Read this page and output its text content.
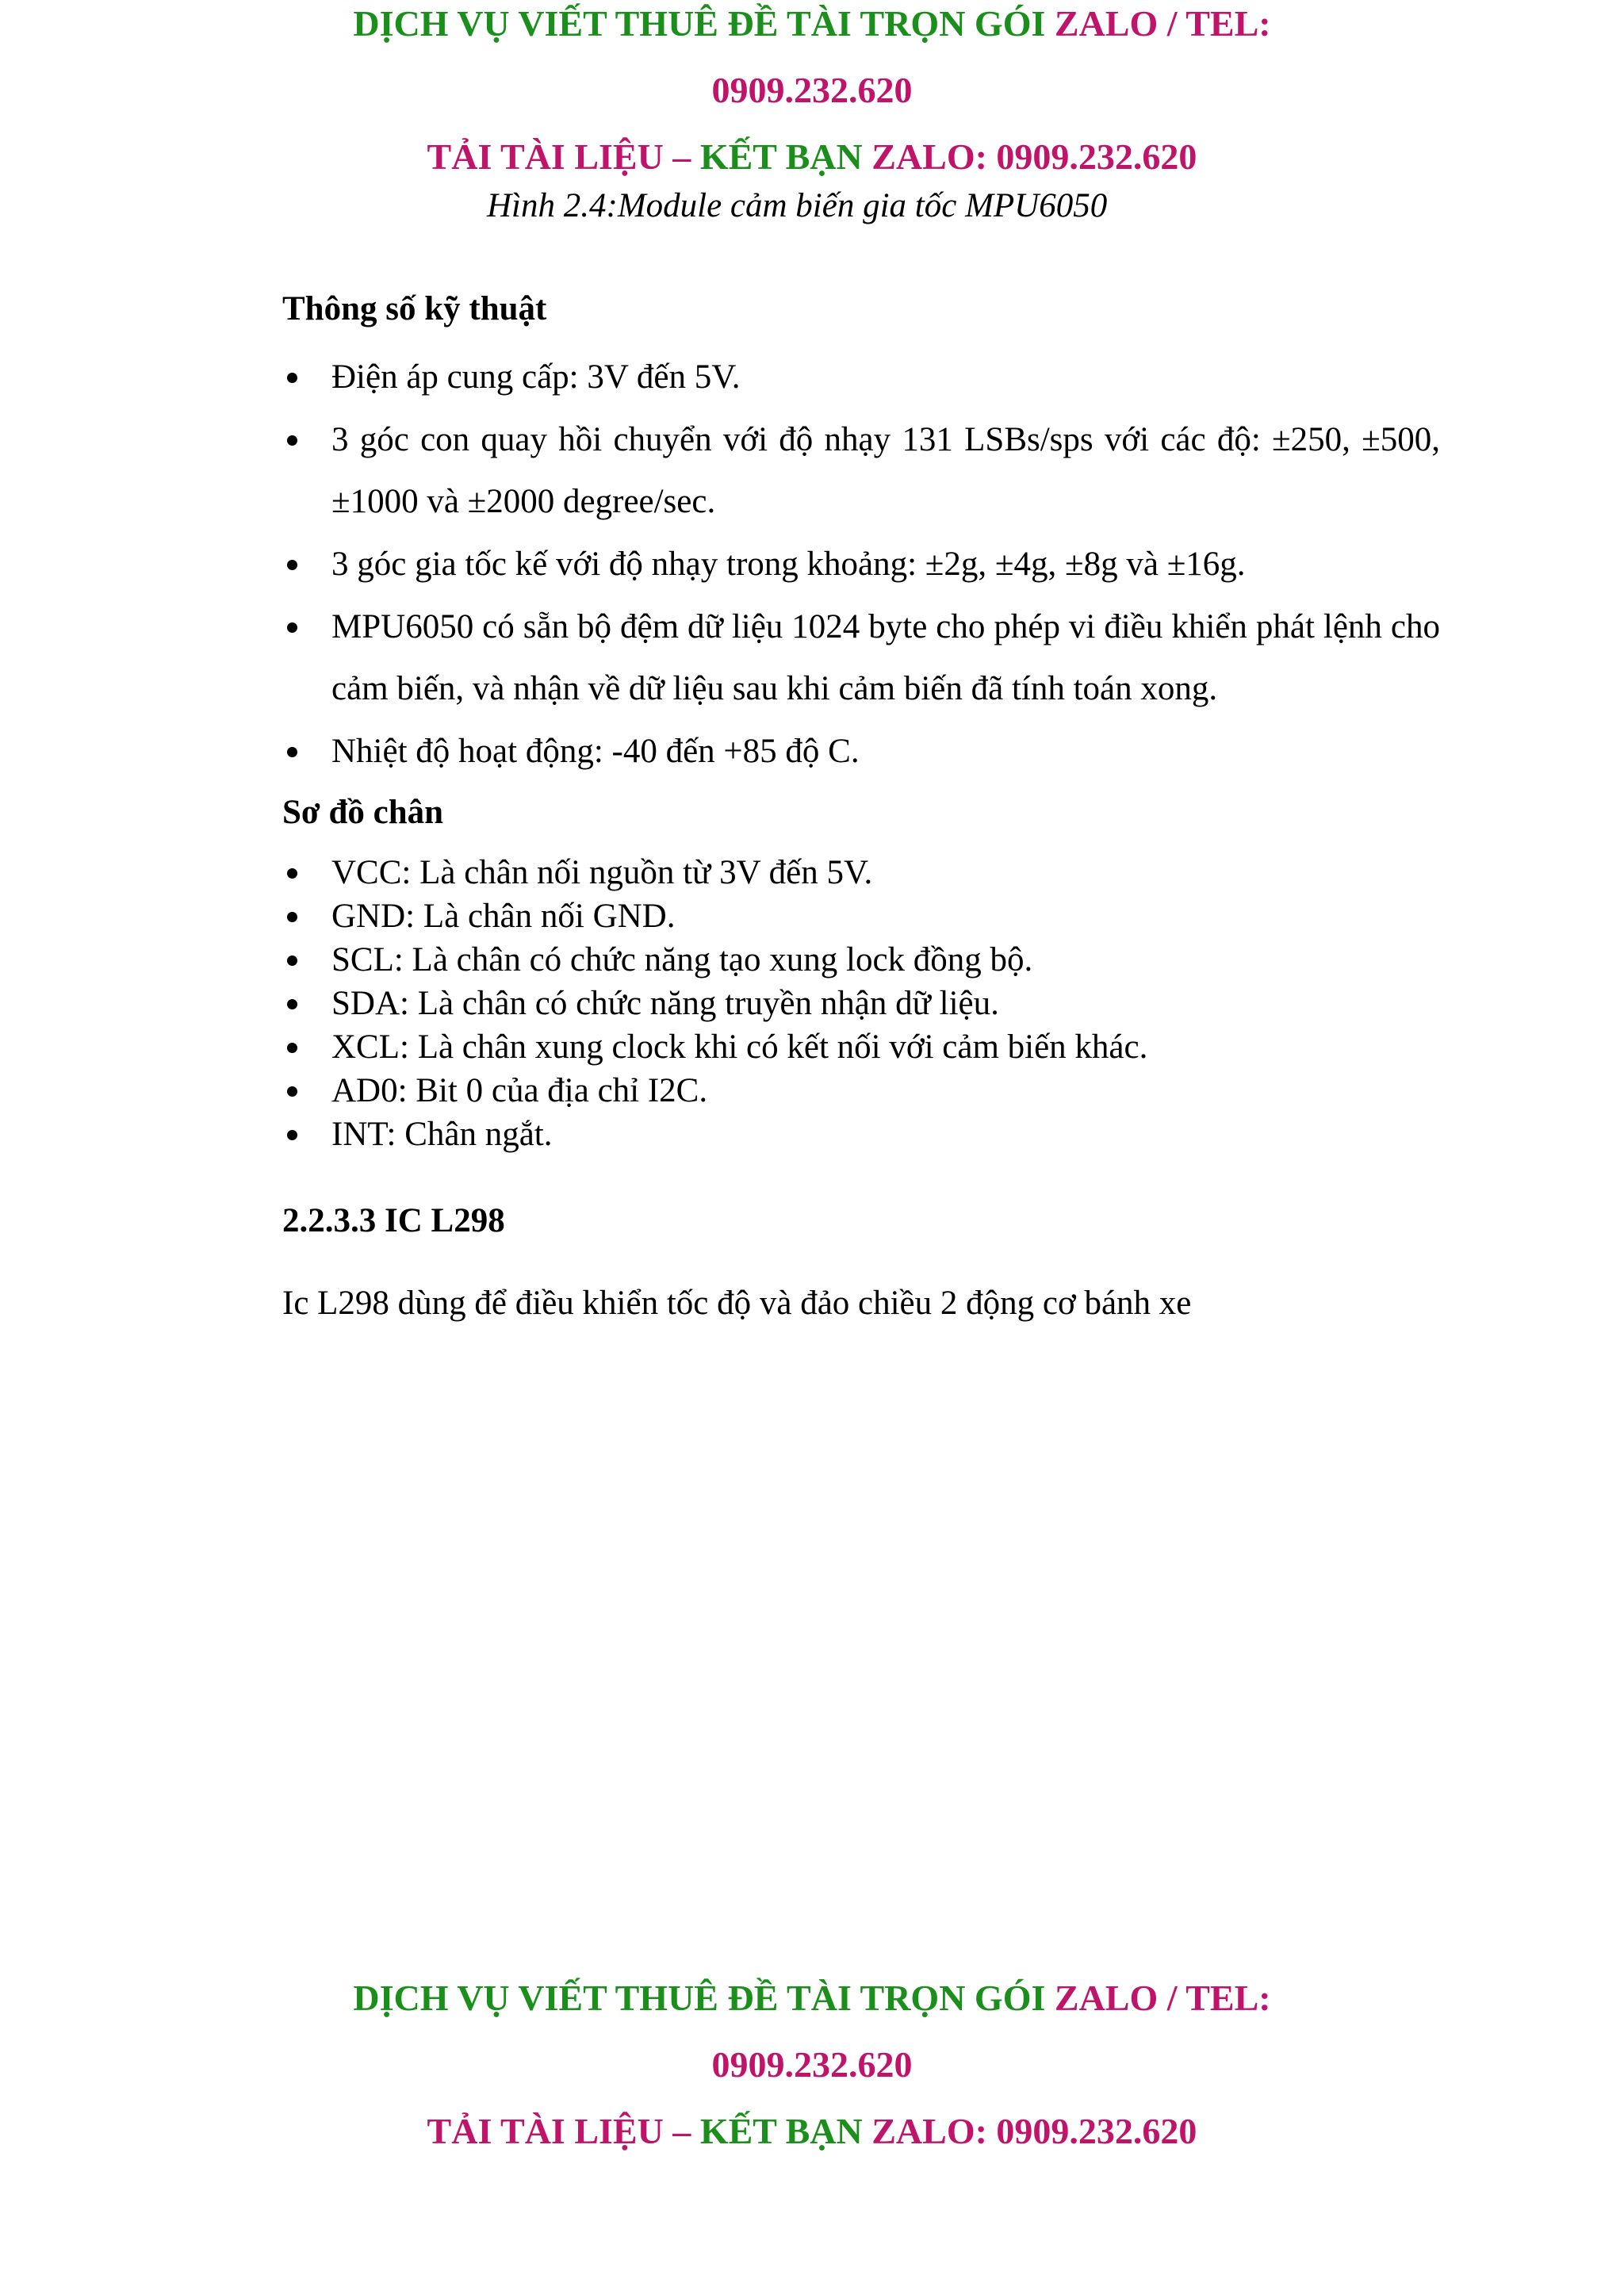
DỊCH VỤ VIẾT THUÊ ĐỀ TÀI TRỌN GÓI ZALO / TEL:
0909.232.620
TẢI TÀI LIỆU – KẾT BẠN ZALO: 0909.232.620
Hình 2.4:Module cảm biến gia tốc MPU6050
Thông số kỹ thuật
Điện áp cung cấp: 3V đến 5V.
3 góc con quay hồi chuyển với độ nhạy 131 LSBs/sps với các độ: ±250, ±500, ±1000 và ±2000 degree/sec.
3 góc gia tốc kế với độ nhạy trong khoảng: ±2g, ±4g, ±8g và ±16g.
MPU6050 có sẵn bộ đệm dữ liệu 1024 byte cho phép vi điều khiển phát lệnh cho cảm biến, và nhận về dữ liệu sau khi cảm biến đã tính toán xong.
Nhiệt độ hoạt động: -40 đến +85 độ C.
Sơ đồ chân
VCC: Là chân nối nguồn từ 3V đến 5V.
GND: Là chân nối GND.
SCL: Là chân có chức năng tạo xung lock đồng bộ.
SDA: Là chân có chức năng truyền nhận dữ liệu.
XCL: Là chân xung clock khi có kết nối với cảm biến khác.
AD0: Bit 0 của địa chỉ I2C.
INT: Chân ngắt.
2.2.3.3 IC L298
Ic L298 dùng để điều khiển tốc độ và đảo chiều 2 động cơ bánh xe
DỊCH VỤ VIẾT THUÊ ĐỀ TÀI TRỌN GÓI ZALO / TEL:
0909.232.620
TẢI TÀI LIỆU – KẾT BẠN ZALO: 0909.232.620
